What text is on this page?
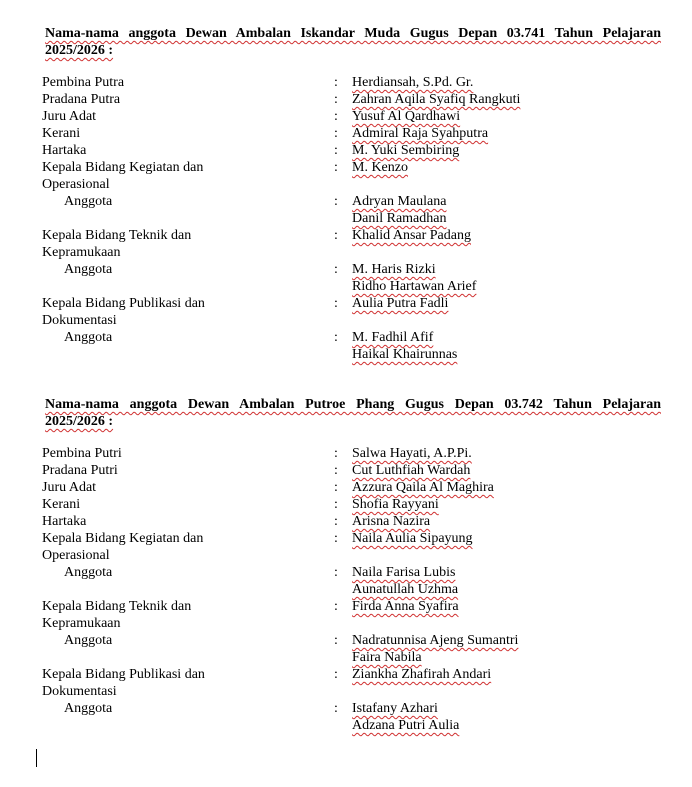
Nama-nama anggota Dewan Ambalan Iskandar Muda Gugus Depan 03.741 Tahun Pelajaran
2025/2026 :
Pembina Putra	: Herdiansah, S.Pd. Gr.
Pradana Putra	: Zahran Aqila Syafiq Rangkuti
Juru Adat	: Yusuf Al Qardhawi
Kerani	: Admiral Raja Syahputra
Hartaka	: M. Yuki Sembiring
Kepala Bidang Kegiatan dan
Operasional
: M. Kenzo
Anggota	: Adryan Maulana
Danil Ramadhan
Kepala Bidang Teknik dan
Kepramukaan
: Khalid Ansar Padang
Anggota	: M. Haris Rizki
Ridho Hartawan Arief
Kepala Bidang Publikasi dan
Dokumentasi
: Aulia Putra Fadli
Anggota	: M. Fadhil Afif
Haikal Khairunnas
Nama-nama anggota Dewan Ambalan Putroe Phang Gugus Depan 03.742 Tahun Pelajaran
2025/2026 :
Pembina Putri	: Salwa Hayati, A.P.Pi.
Pradana Putri	: Cut Luthfiah Wardah
Juru Adat	: Azzura Qaila Al Maghira
Kerani	: Shofia Rayyani
Hartaka	: Arisna Nazira
Kepala Bidang Kegiatan dan
Operasional
: Naila Aulia Sipayung
Anggota	: Naila Farisa Lubis
Aunatullah Uzhma
Kepala Bidang Teknik dan
Kepramukaan
: Firda Anna Syafira
Anggota	: Nadratunnisa Ajeng Sumantri
Faira Nabila
Kepala Bidang Publikasi dan
Dokumentasi
: Ziankha Zhafirah Andari
Anggota	: Istafany Azhari
Adzana Putri Aulia
